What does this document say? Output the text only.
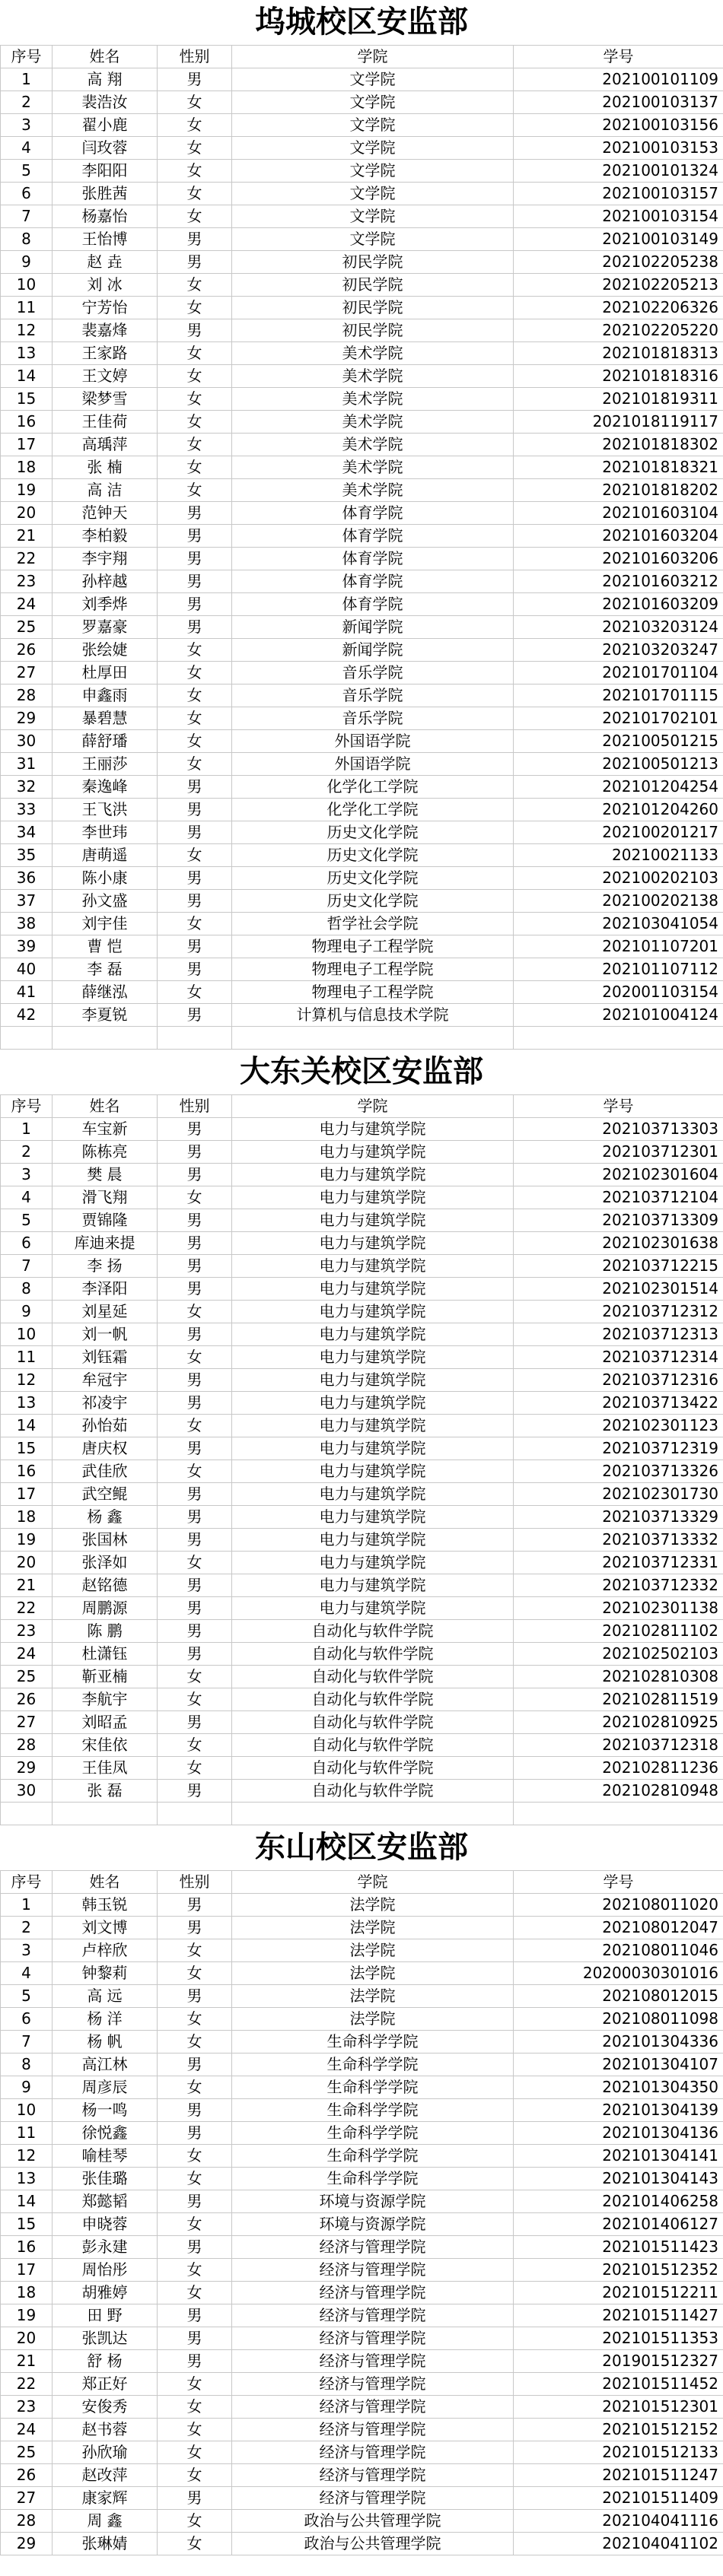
坞城校区安监部
序号	姓名	性别	学院	学号
1	高 翔	男	文学院	202100101109
2	裴浩汝	女	文学院	202100103137
3	翟小鹿	女	文学院	202100103156
4	闫玫蓉	女	文学院	202100103153
5	李阳阳	女	文学院	202100101324
6	张胜茜	女	文学院	202100103157
7	杨嘉怡	女	文学院	202100103154
8	王怡博	男	文学院	202100103149
9	赵 垚	男	初民学院	202102205238
10	刘 冰	女	初民学院	202102205213
11	宁芳怡	女	初民学院	202102206326
12	裴嘉烽	男	初民学院	202102205220
13	王家路	女	美术学院	202101818313
14	王文婷	女	美术学院	202101818316
15	梁梦雪	女	美术学院	202101819311
16	王佳荷	女	美术学院	2021018119117
17	高瑀萍	女	美术学院	202101818302
18	张 楠	女	美术学院	202101818321
19	高 洁	女	美术学院	202101818202
20	范钟天	男	体育学院	202101603104
21	李柏毅	男	体育学院	202101603204
22	李宇翔	男	体育学院	202101603206
23	孙梓越	男	体育学院	202101603212
24	刘季烨	男	体育学院	202101603209
25	罗嘉豪	男	新闻学院	202103203124
26	张绘婕	女	新闻学院	202103203247
27	杜厚田	女	音乐学院	202101701104
28	申鑫雨	女	音乐学院	202101701115
29	暴碧慧	女	音乐学院	202101702101
30	薛舒璠	女	外国语学院	202100501215
31	王丽莎	女	外国语学院	202100501213
32	秦逸峰	男	化学化工学院	202101204254
33	王飞洪	男	化学化工学院	202101204260
34	李世玮	男	历史文化学院	202100201217
35	唐萌遥	女	历史文化学院	20210021133
36	陈小康	男	历史文化学院	202100202103
37	孙文盛	男	历史文化学院	202100202138
38	刘宇佳	女	哲学社会学院	202103041054
39	曹 恺	男	物理电子工程学院	202101107201
40	李 磊	男	物理电子工程学院	202101107112
41	薛继泓	女	物理电子工程学院	202001103154
42	李夏锐	男	计算机与信息技术学院	202101004124

大东关校区安监部
序号	姓名	性别	学院	学号
1	车宝新	男	电力与建筑学院	202103713303
2	陈栋亮	男	电力与建筑学院	202103712301
3	樊 晨	男	电力与建筑学院	202102301604
4	滑飞翔	女	电力与建筑学院	202103712104
5	贾锦隆	男	电力与建筑学院	202103713309
6	库迪来提	男	电力与建筑学院	202102301638
7	李 扬	男	电力与建筑学院	202103712215
8	李泽阳	男	电力与建筑学院	202102301514
9	刘星延	女	电力与建筑学院	202103712312
10	刘一帆	男	电力与建筑学院	202103712313
11	刘钰霜	女	电力与建筑学院	202103712314
12	牟冠宇	男	电力与建筑学院	202103712316
13	祁凌宇	男	电力与建筑学院	202103713422
14	孙怡茹	女	电力与建筑学院	202102301123
15	唐庆权	男	电力与建筑学院	202103712319
16	武佳欣	女	电力与建筑学院	202103713326
17	武空鲲	男	电力与建筑学院	202102301730
18	杨 鑫	男	电力与建筑学院	202103713329
19	张国林	男	电力与建筑学院	202103713332
20	张泽如	女	电力与建筑学院	202103712331
21	赵铭德	男	电力与建筑学院	202103712332
22	周鹏源	男	电力与建筑学院	202102301138
23	陈 鹏	男	自动化与软件学院	202102811102
24	杜潇钰	男	自动化与软件学院	202102502103
25	靳亚楠	女	自动化与软件学院	202102810308
26	李航宇	女	自动化与软件学院	202102811519
27	刘昭孟	男	自动化与软件学院	202102810925
28	宋佳依	女	自动化与软件学院	202103712318
29	王佳凤	女	自动化与软件学院	202102811236
30	张 磊	男	自动化与软件学院	202102810948

东山校区安监部
序号	姓名	性别	学院	学号
1	韩玉锐	男	法学院	202108011020
2	刘文博	男	法学院	202108012047
3	卢梓欣	女	法学院	202108011046
4	钟黎莉	女	法学院	20200030301016
5	高 远	男	法学院	202108012015
6	杨 洋	女	法学院	202108011098
7	杨 帆	女	生命科学学院	202101304336
8	高江林	男	生命科学学院	202101304107
9	周彦辰	女	生命科学学院	202101304350
10	杨一鸣	男	生命科学学院	202101304139
11	徐悦鑫	男	生命科学学院	202101304136
12	喻桂琴	女	生命科学学院	202101304141
13	张佳璐	女	生命科学学院	202101304143
14	郑懿韬	男	环境与资源学院	202101406258
15	申晓蓉	女	环境与资源学院	202101406127
16	彭永建	男	经济与管理学院	202101511423
17	周怡彤	女	经济与管理学院	202101512352
18	胡雅婷	女	经济与管理学院	202101512211
19	田 野	男	经济与管理学院	202101511427
20	张凯达	男	经济与管理学院	202101511353
21	舒 杨	男	经济与管理学院	201901512327
22	郑正好	女	经济与管理学院	202101511452
23	安俊秀	女	经济与管理学院	202101512301
24	赵书蓉	女	经济与管理学院	202101512152
25	孙欣瑜	女	经济与管理学院	202101512133
26	赵改萍	女	经济与管理学院	202101511247
27	康家辉	男	经济与管理学院	202101511409
28	周 鑫	女	政治与公共管理学院	202104041116
29	张琳婧	女	政治与公共管理学院	202104041102
